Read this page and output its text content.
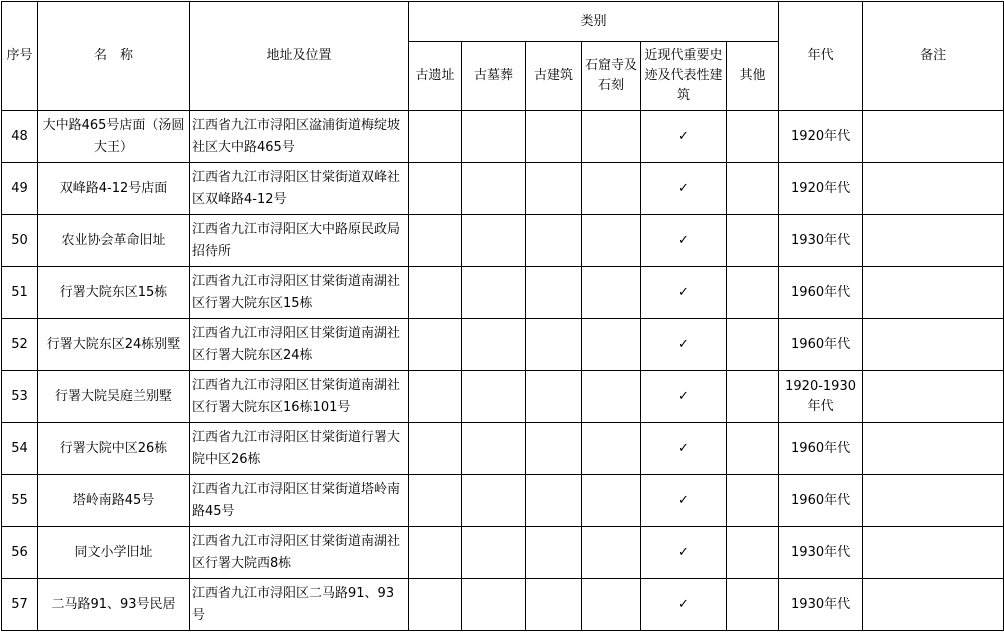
序号	名　称	地址及位置	类别						年代	备注
			古遗址	古墓葬	古建筑	石窟寺及石刻	近现代重要史迹及代表性建筑	其他		
48	大中路465号店面（汤圆大王）	江西省九江市浔阳区湓浦街道梅绽坡社区大中路465号					✓		1920年代	
49	双峰路4-12号店面	江西省九江市浔阳区甘棠街道双峰社区双峰路4-12号					✓		1920年代	
50	农业协会革命旧址	江西省九江市浔阳区大中路原民政局招待所					✓		1930年代	
51	行署大院东区15栋	江西省九江市浔阳区甘棠街道南湖社区行署大院东区15栋					✓		1960年代	
52	行署大院东区24栋别墅	江西省九江市浔阳区甘棠街道南湖社区行署大院东区24栋					✓		1960年代	
53	行署大院吴庭兰别墅	江西省九江市浔阳区甘棠街道南湖社区行署大院东区16栋101号					✓		1920-1930年代	
54	行署大院中区26栋	江西省九江市浔阳区甘棠街道行署大院中区26栋					✓		1960年代	
55	塔岭南路45号	江西省九江市浔阳区甘棠街道塔岭南路45号					✓		1960年代	
56	同文小学旧址	江西省九江市浔阳区甘棠街道南湖社区行署大院西8栋					✓		1930年代	
57	二马路91、93号民居	江西省九江市浔阳区二马路91、93号					✓		1930年代	
